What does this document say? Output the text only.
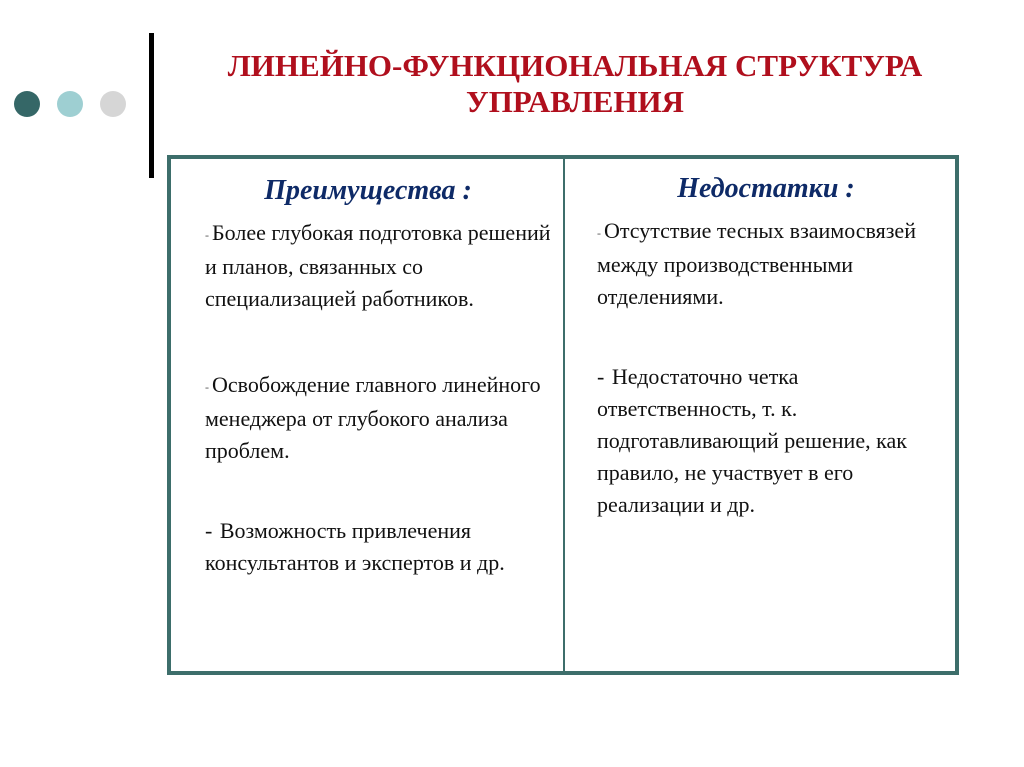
ЛИНЕЙНО-ФУНКЦИОНАЛЬНАЯ СТРУКТУРА
УПРАВЛЕНИЯ
Преимущества :
- Более глубокая подготовка решений и планов, связанных со специализацией работников.
- Освобождение главного линейного менеджера от глубокого анализа проблем.
- Возможность привлечения консультантов и экспертов и др.
Недостатки :
- Отсутствие тесных взаимосвязей между производственными отделениями.
- Недостаточно четка ответственность, т. к. подготавливающий решение, как правило, не участвует в его реализации и др.
